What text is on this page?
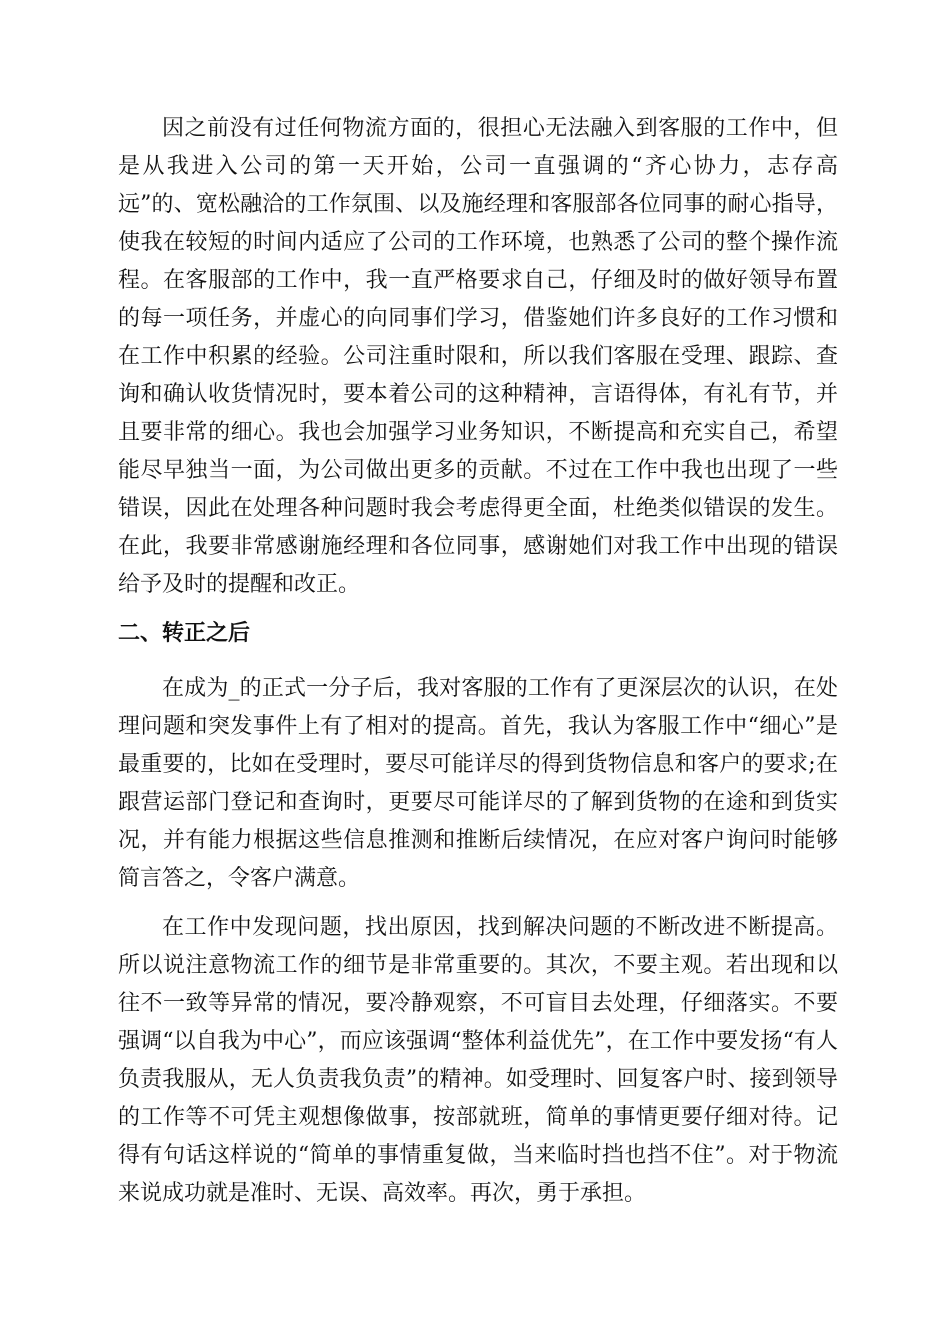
因之前没有过任何物流方面的，很担心无法融入到客服的工作中，但是从我进入公司的第一天开始，公司一直强调的“齐心协力，志存高远”的、宽松融洽的工作氛围、以及施经理和客服部各位同事的耐心指导，使我在较短的时间内适应了公司的工作环境，也熟悉了公司的整个操作流程。在客服部的工作中，我一直严格要求自己，仔细及时的做好领导布置的每一项任务，并虚心的向同事们学习，借鉴她们许多良好的工作习惯和在工作中积累的经验。公司注重时限和，所以我们客服在受理、跟踪、查询和确认收货情况时，要本着公司的这种精神，言语得体，有礼有节，并且要非常的细心。我也会加强学习业务知识，不断提高和充实自己，希望能尽早独当一面，为公司做出更多的贡献。不过在工作中我也出现了一些错误，因此在处理各种问题时我会考虑得更全面，杜绝类似错误的发生。在此，我要非常感谢施经理和各位同事，感谢她们对我工作中出现的错误给予及时的提醒和改正。

二、转正之后

在成为_的正式一分子后，我对客服的工作有了更深层次的认识，在处理问题和突发事件上有了相对的提高。首先，我认为客服工作中“细心”是最重要的，比如在受理时，要尽可能详尽的得到货物信息和客户的要求;在跟营运部门登记和查询时，更要尽可能详尽的了解到货物的在途和到货实况，并有能力根据这些信息推测和推断后续情况，在应对客户询问时能够简言答之，令客户满意。

在工作中发现问题，找出原因，找到解决问题的不断改进不断提高。所以说注意物流工作的细节是非常重要的。其次，不要主观。若出现和以往不一致等异常的情况，要冷静观察，不可盲目去处理，仔细落实。不要强调“以自我为中心”，而应该强调“整体利益优先”，在工作中要发扬“有人负责我服从，无人负责我负责”的精神。如受理时、回复客户时、接到领导的工作等不可凭主观想像做事，按部就班，简单的事情更要仔细对待。记得有句话这样说的“简单的事情重复做，当来临时挡也挡不住”。对于物流来说成功就是准时、无误、高效率。再次，勇于承担。
